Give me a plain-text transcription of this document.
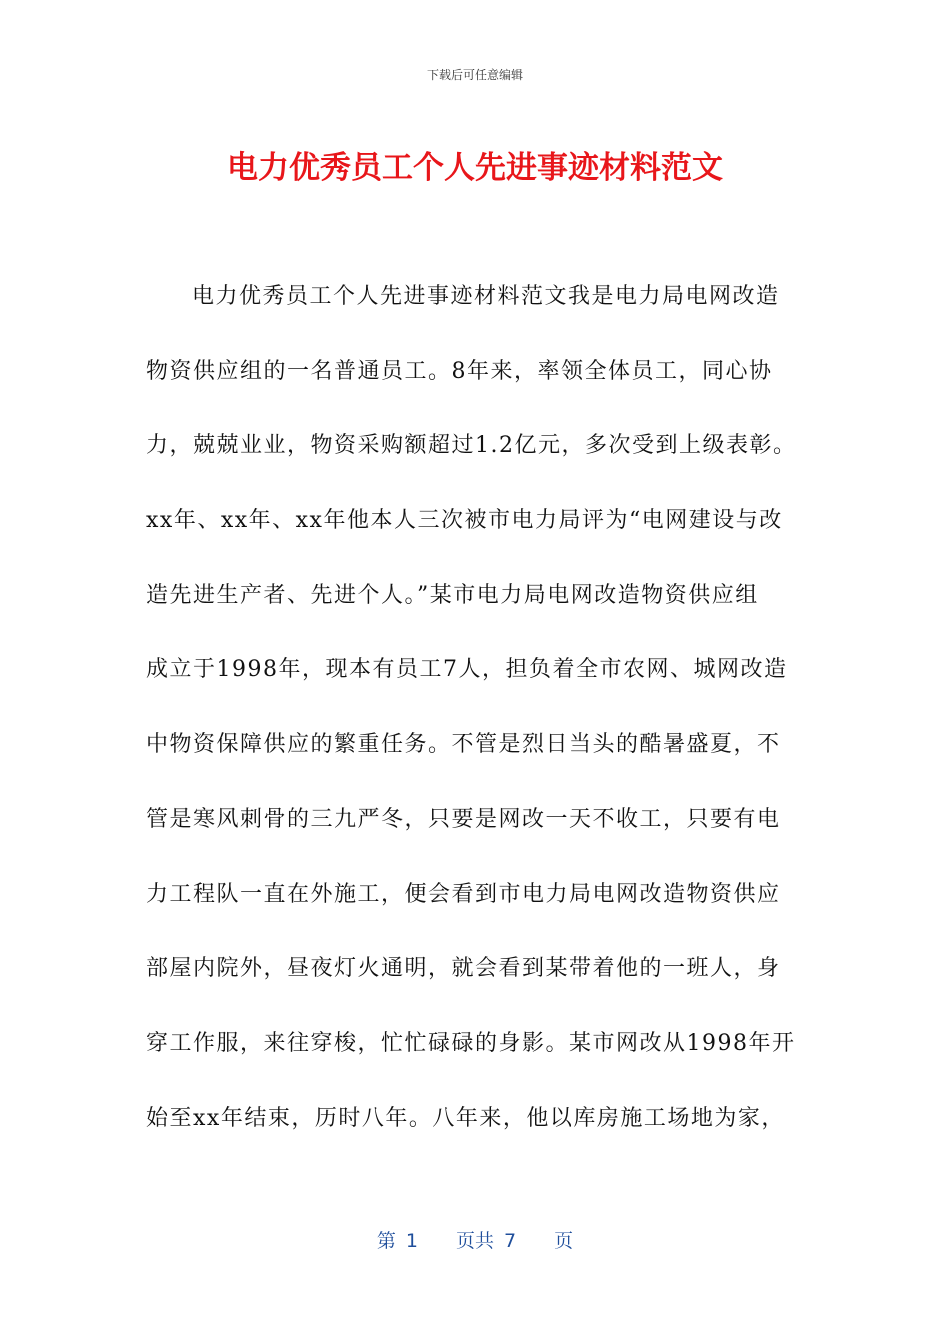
下载后可任意编辑
电力优秀员工个人先进事迹材料范文
电力优秀员工个人先进事迹材料范文我是电力局电网改造
物资供应组的一名普通员工。8年来，率领全体员工，同心协
力，兢兢业业，物资采购额超过1.2亿元，多次受到上级表彰。
xx年、xx年、xx年他本人三次被市电力局评为“电网建设与改
造先进生产者、先进个人。”某市电力局电网改造物资供应组
成立于1998年，现本有员工7人，担负着全市农网、城网改造
中物资保障供应的繁重任务。不管是烈日当头的酷暑盛夏，不
管是寒风刺骨的三九严冬，只要是网改一天不收工，只要有电
力工程队一直在外施工，便会看到市电力局电网改造物资供应
部屋内院外，昼夜灯火通明，就会看到某带着他的一班人，身
穿工作服，来往穿梭，忙忙碌碌的身影。某市网改从1998年开
始至xx年结束，历时八年。八年来，他以库房施工场地为家，
第 1 页共 7 页
